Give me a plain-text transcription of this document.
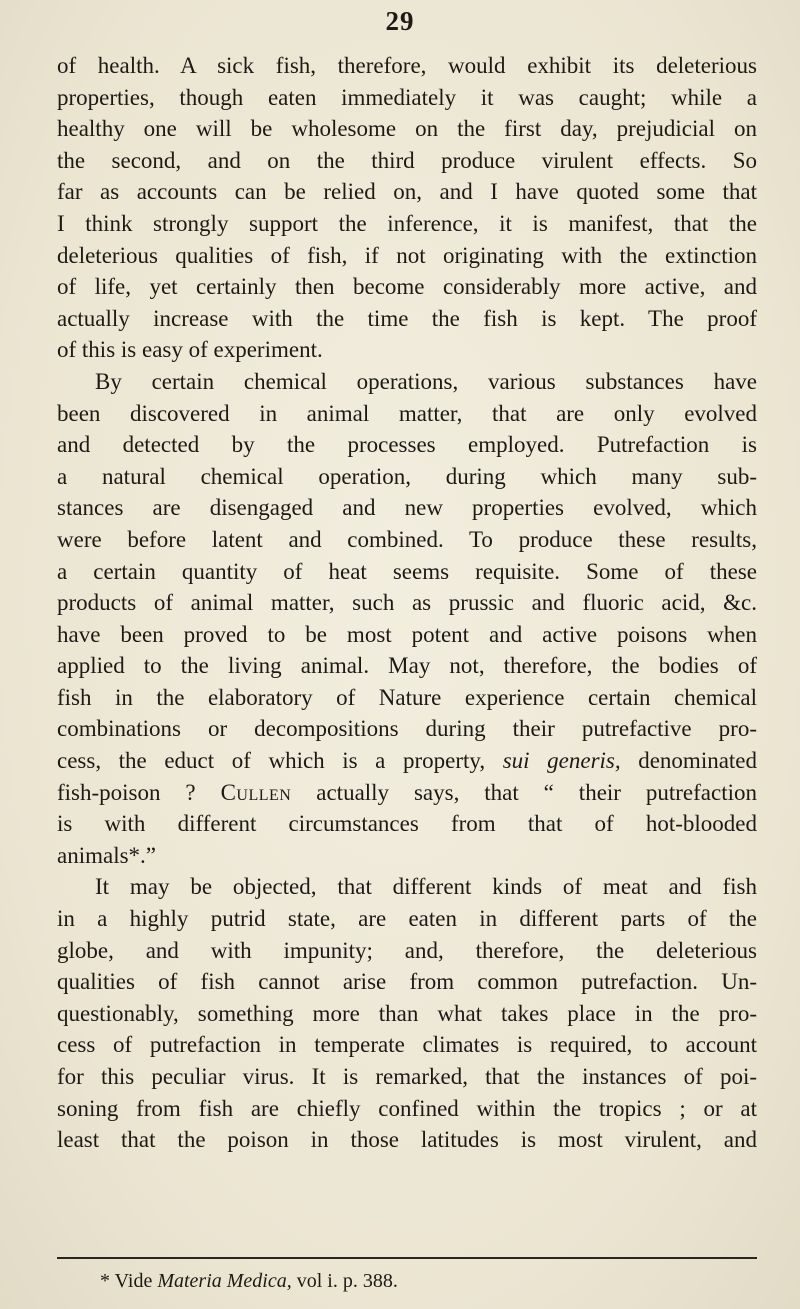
29
of health. A sick fish, therefore, would exhibit its deleterious
properties, though eaten immediately it was caught; while a
healthy one will be wholesome on the first day, prejudicial on
the second, and on the third produce virulent effects. So
far as accounts can be relied on, and I have quoted some that
I think strongly support the inference, it is manifest, that the
deleterious qualities of fish, if not originating with the extinction
of life, yet certainly then become considerably more active, and
actually increase with the time the fish is kept. The proof
of this is easy of experiment.
By certain chemical operations, various substances have
been discovered in animal matter, that are only evolved
and detected by the processes employed. Putrefaction is
a natural chemical operation, during which many sub-
stances are disengaged and new properties evolved, which
were before latent and combined. To produce these results,
a certain quantity of heat seems requisite. Some of these
products of animal matter, such as prussic and fluoric acid, &c.
have been proved to be most potent and active poisons when
applied to the living animal. May not, therefore, the bodies of
fish in the elaboratory of Nature experience certain chemical
combinations or decompositions during their putrefactive pro-
cess, the educt of which is a property, sui generis, denominated
fish-poison ? Cullen actually says, that “ their putrefaction
is with different circumstances from that of hot-blooded
animals*.”
It may be objected, that different kinds of meat and fish
in a highly putrid state, are eaten in different parts of the
globe, and with impunity; and, therefore, the deleterious
qualities of fish cannot arise from common putrefaction. Un-
questionably, something more than what takes place in the pro-
cess of putrefaction in temperate climates is required, to account
for this peculiar virus. It is remarked, that the instances of poi-
soning from fish are chiefly confined within the tropics ; or at
least that the poison in those latitudes is most virulent, and
* Vide Materia Medica, vol i. p. 388.
